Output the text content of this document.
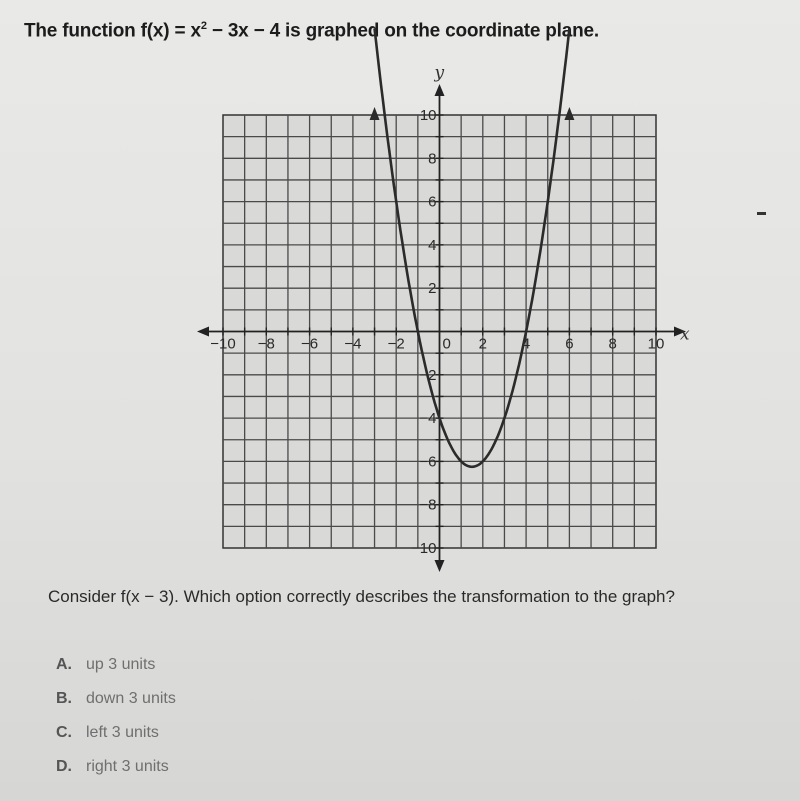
The function $f(x) = x^2 - 3x - 4$ is graphed on the coordinate plane.
−10 −8 −6 −4 −2	2 4 6 8 10
10
8
6
4
2
−2
−4
−6
−8
−10
0	x
y
Consider f(x − 3). Which option correctly describes the transformation to the graph?
A. up 3 units
B. down 3 units
C. left 3 units
D. right 3 units
